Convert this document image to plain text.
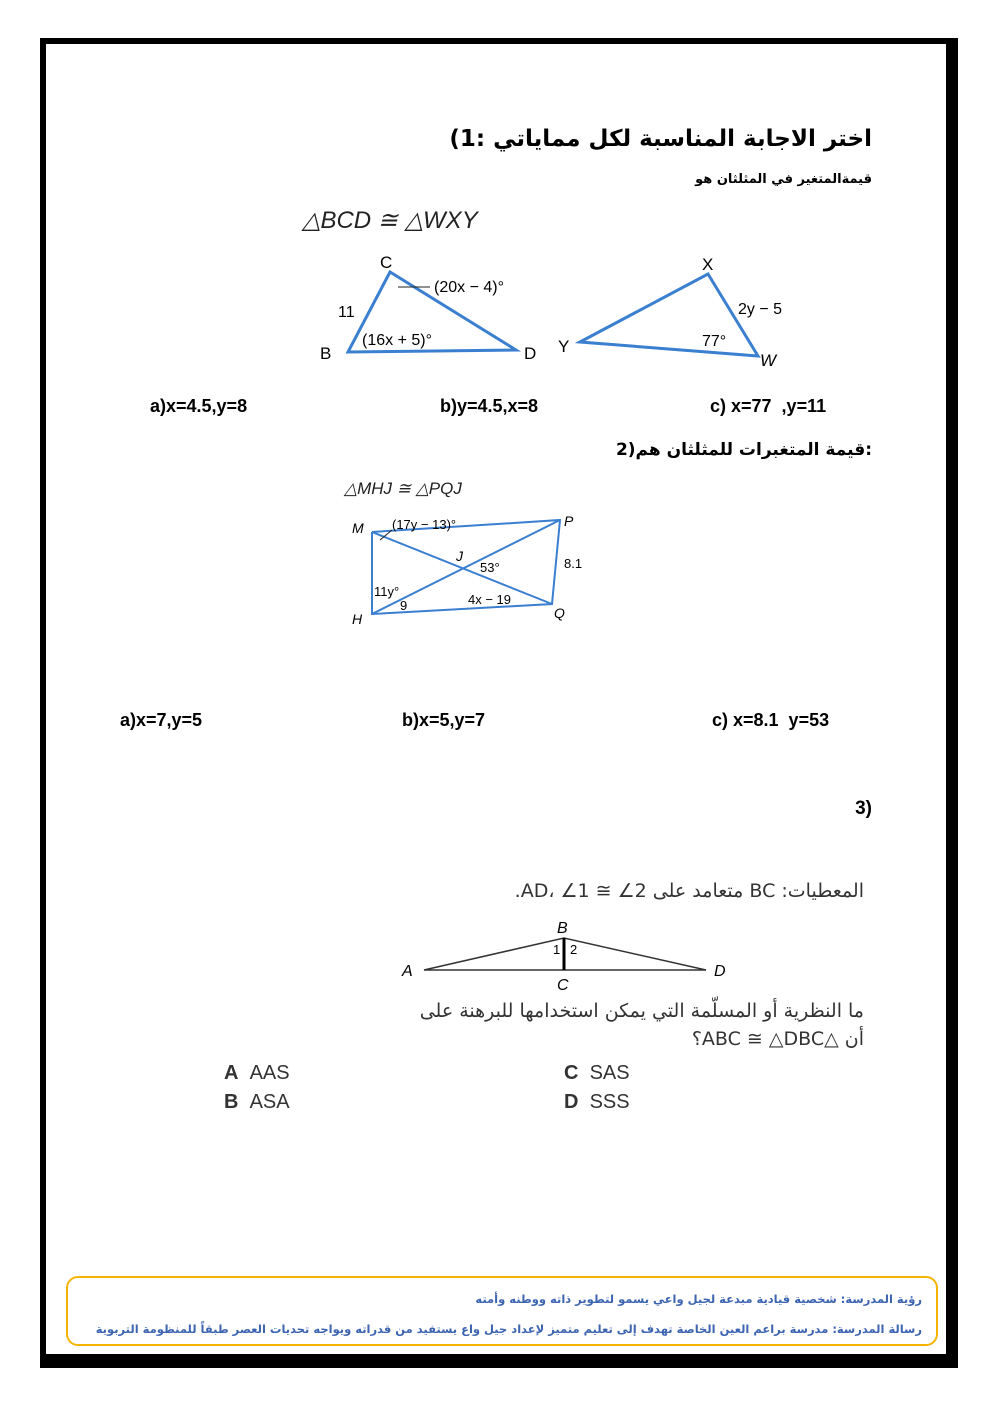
اختر الاجابة المناسبة لكل مماياتي :1)
قيمةالمتغير في المثلثان هو
△BCD ≅ △WXY
C
B	D
11
(20x − 4)°
(16x + 5)°
X
Y
W
2y − 5
77°
a)x=4.5,y=8	b)y=4.5,x=8	c) x=77  ,y=11
:قيمة المتغبرات للمثلثان هم(2
△MHJ ≅ △PQJ
M
H
J
P
Q
(17y − 13)°
53°	8.1
11y°
9	4x − 19
a)x=7,y=5	b)x=5,y=7	c) x=8.1  y=53
3)
المعطيات: BC متعامد على AD، ∠1 ≅ ∠2.
B
A
C
D
1 2
ما النظرية أو المسلّمة التي يمكن استخدامها للبرهنة على
أن △ABC ≅ △DBC؟
A AAS
B ASA
C SAS
D SSS
رؤية المدرسة: شخصية قيادية مبدعة لجيل واعي يسمو لتطوير ذاته ووطنه وأمته
رسالة المدرسة: مدرسة براعم العين الخاصة تهدف إلى تعليم متميز لإعداد جيل واع يستفيد من قدراته ويواجه تحديات العصر طبقاً للمنظومة التربوية
